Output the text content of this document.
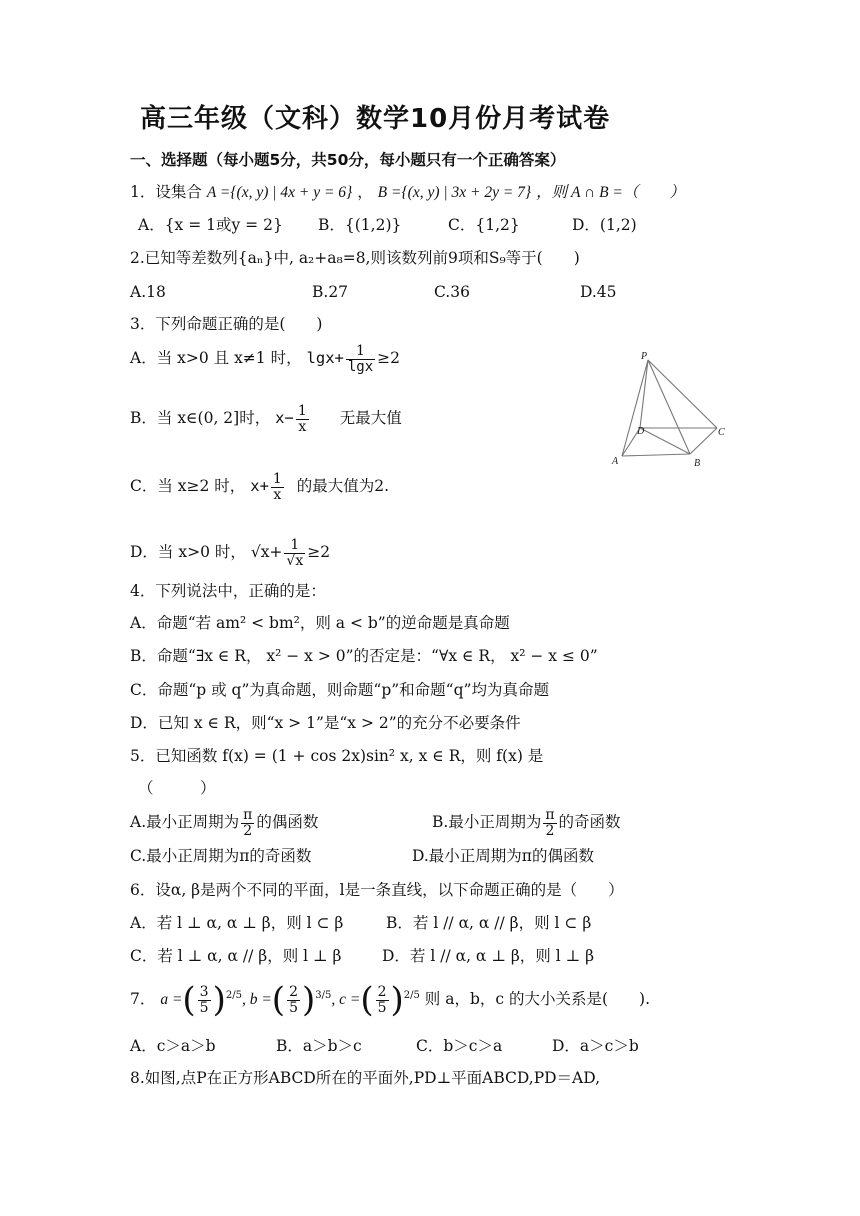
高三年级（文科）数学10月份月考试卷
一、选择题（每小题5分，共50分，每小题只有一个正确答案）
1．设集合 A ={(x, y) | 4x + y = 6} ， B ={(x, y) | 3x + 2y = 7} ，则 A ∩ B =（　　）
A．{x = 1或y = 2} B．{(1,2)}	C．{1,2}	D．(1,2)
2.已知等差数列{aₙ}中, a₂+a₈=8,则该数列前9项和S₉等于(　　)
A.18	B.27	C.36	D.45
3．下列命题正确的是(　　)
A．当 x>0 且 x≠1 时， $\lg x+ \frac{1}{\lg x} \ge 2$
B．当 x∈(0, 2]时， $x- \frac{1}{x}$ 无最大值
C．当 x≥2 时， $x+ \frac{1}{x}$ 的最大值为2.
D．当 x>0 时， $√x+ \frac{1}{√x} \ge 2$
P
D	C
A	B
4．下列说法中，正确的是：
A．命题“若 am² < bm²，则 a < b”的逆命题是真命题
B．命题“∃x ∈ R， x² − x > 0”的否定是：“∀x ∈ R， x² − x ≤ 0”
C．命题“p 或 q”为真命题，则命题“p”和命题“q”均为真命题
D．已知 x ∈ R，则“x > 1”是“x > 2”的充分不必要条件
5．已知函数 f(x) = (1 + cos 2x)sin² x, x ∈ R，则 f(x) 是
（　　　）
A.最小正周期为 $\frac{\pi}{2}$ 的偶函数	B.最小正周期为 $\frac{\pi}{2}$ 的奇函数
C.最小正周期为π的奇函数	D.最小正周期为π的偶函数
6．设α, β是两个不同的平面，l是一条直线，以下命题正确的是（　　）
A．若 l ⊥ α, α ⊥ β，则 l ⊂ β	B．若 l // α, α // β，则 l ⊂ β
C．若 l ⊥ α, α // β，则 l ⊥ β	D．若 l // α, α ⊥ β，则 l ⊥ β
7． a =( $\frac{3}{5} )^{2/5}$, b =( $\frac{2}{5} )^{3/5}$, c =( $\frac{2}{5} )^{2/5}$ 则 a，b，c 的大小关系是(　　).
A．c＞a＞b	B．a＞b＞c	C．b＞c＞a	D．a＞c＞b
8.如图,点P在正方形ABCD所在的平面外,PD⊥平面ABCD,PD＝AD,
